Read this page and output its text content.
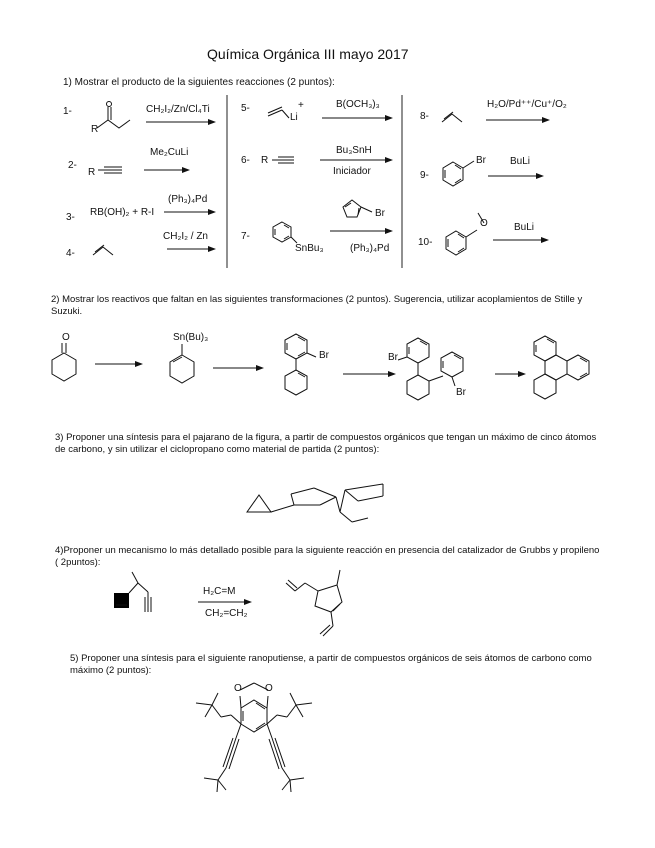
Química Orgánica III mayo 2017
1) Mostrar el producto de la siguientes reacciones (2 puntos):
1-
2-
3-
4-
5-
6-
7-
8-
9-
10-
R
R
RB(OH)₂ + R-I
Li
+
R
SnBu₃
Br
O
CH₂I₂/Zn/Cl₄Ti
Me₂CuLi
(Ph₃)₄Pd
CH₂I₂ / Zn
B(OCH₃)₃
Bu₃SnH
Iniciador
Br
(Ph₃)₄Pd
H₂O/Pd⁺⁺/Cu⁺/O₂
BuLi
BuLi
2) Mostrar los reactivos que faltan en las siguientes transformaciones (2 puntos). Sugerencia, utilizar acoplamientos de Stille y Suzuki.
O	Sn(Bu)₃
Br	Br
Br
3) Proponer una síntesis para el pajarano de la figura, a partir de compuestos orgánicos que tengan un máximo de cinco átomos de carbono, y sin utilizar el ciclopropano como material de partida (2 puntos):
4)Proponer un mecanismo lo más detallado posible para la siguiente reacción en presencia del catalizador de Grubbs y propileno ( 2puntos):
H₂C=M
CH₂=CH₂
5) Proponer una síntesis para el siguiente ranoputiense, a partir de compuestos orgánicos de seis átomos de carbono como máximo (2 puntos):
O O
